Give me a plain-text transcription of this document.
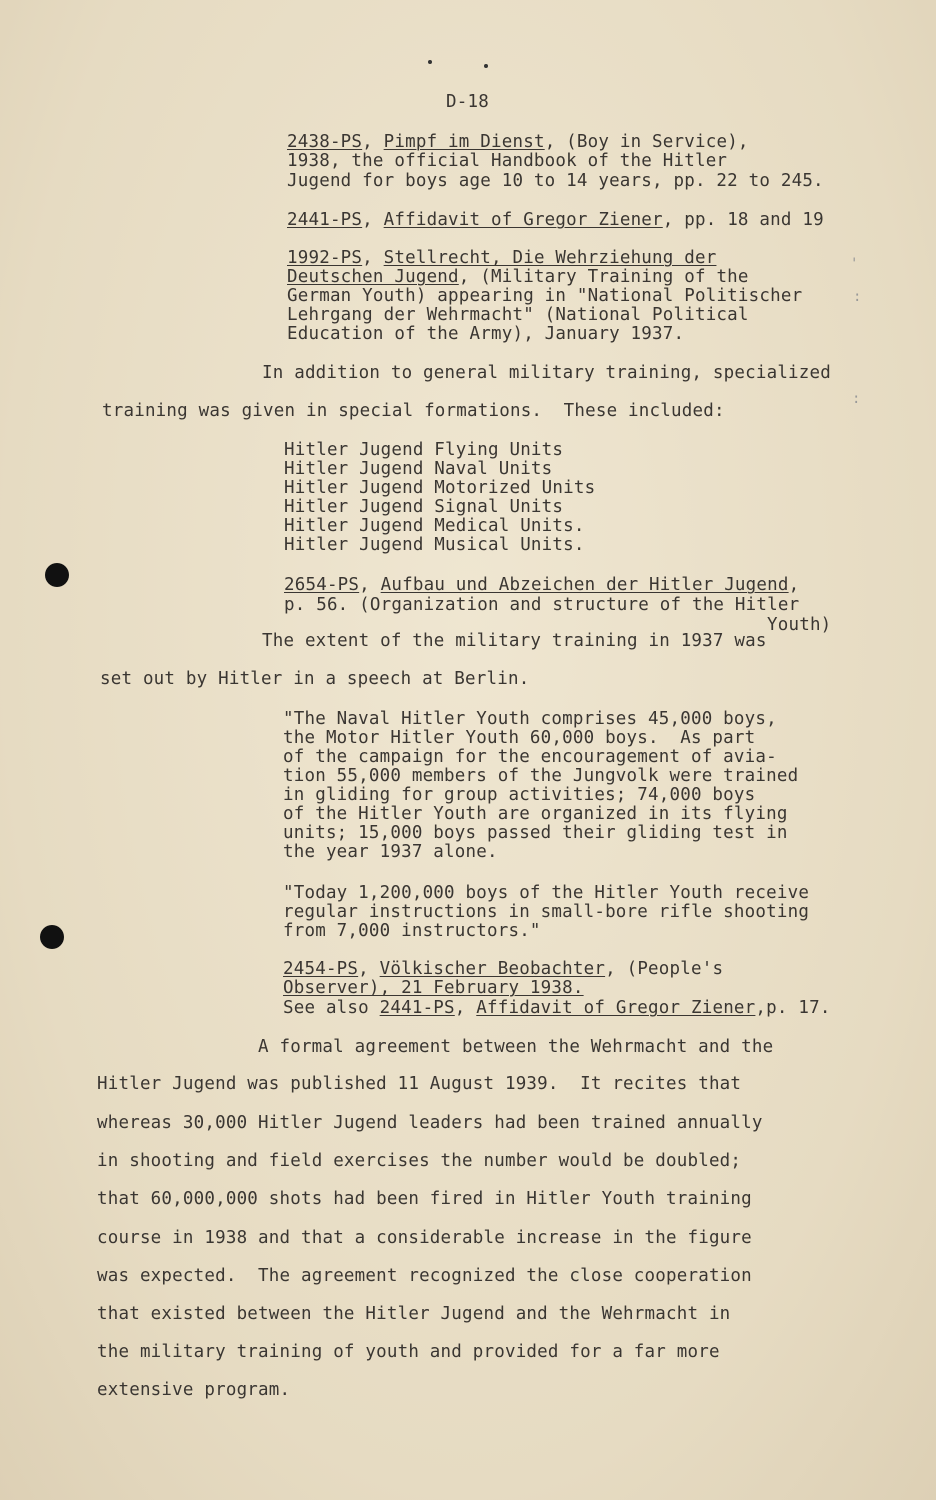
:
:
'
D-18
2438-PS, Pimpf im Dienst, (Boy in Service),
1938, the official Handbook of the Hitler
Jugend for boys age 10 to 14 years, pp. 22 to 245.
2441-PS, Affidavit of Gregor Ziener, pp. 18 and 19
1992-PS, Stellrecht, Die Wehrziehung der
Deutschen Jugend, (Military Training of the
German Youth) appearing in "National Politischer
Lehrgang der Wehrmacht" (National Political
Education of the Army), January 1937.
In addition to general military training, specialized
training was given in special formations.  These included:
Hitler Jugend Flying Units
Hitler Jugend Naval Units
Hitler Jugend Motorized Units
Hitler Jugend Signal Units
Hitler Jugend Medical Units.
Hitler Jugend Musical Units.
2654-PS, Aufbau und Abzeichen der Hitler Jugend,
p. 56. (Organization and structure of the Hitler
Youth)
The extent of the military training in 1937 was
set out by Hitler in a speech at Berlin.
"The Naval Hitler Youth comprises 45,000 boys,
the Motor Hitler Youth 60,000 boys.  As part
of the campaign for the encouragement of avia-
tion 55,000 members of the Jungvolk were trained
in gliding for group activities; 74,000 boys
of the Hitler Youth are organized in its flying
units; 15,000 boys passed their gliding test in
the year 1937 alone.
"Today 1,200,000 boys of the Hitler Youth receive
regular instructions in small-bore rifle shooting
from 7,000 instructors."
2454-PS, Völkischer Beobachter, (People's
Observer), 21 February 1938.
See also 2441-PS, Affidavit of Gregor Ziener,p. 17.
A formal agreement between the Wehrmacht and the
Hitler Jugend was published 11 August 1939.  It recites that
whereas 30,000 Hitler Jugend leaders had been trained annually
in shooting and field exercises the number would be doubled;
that 60,000,000 shots had been fired in Hitler Youth training
course in 1938 and that a considerable increase in the figure
was expected.  The agreement recognized the close cooperation
that existed between the Hitler Jugend and the Wehrmacht in
the military training of youth and provided for a far more
extensive program.
